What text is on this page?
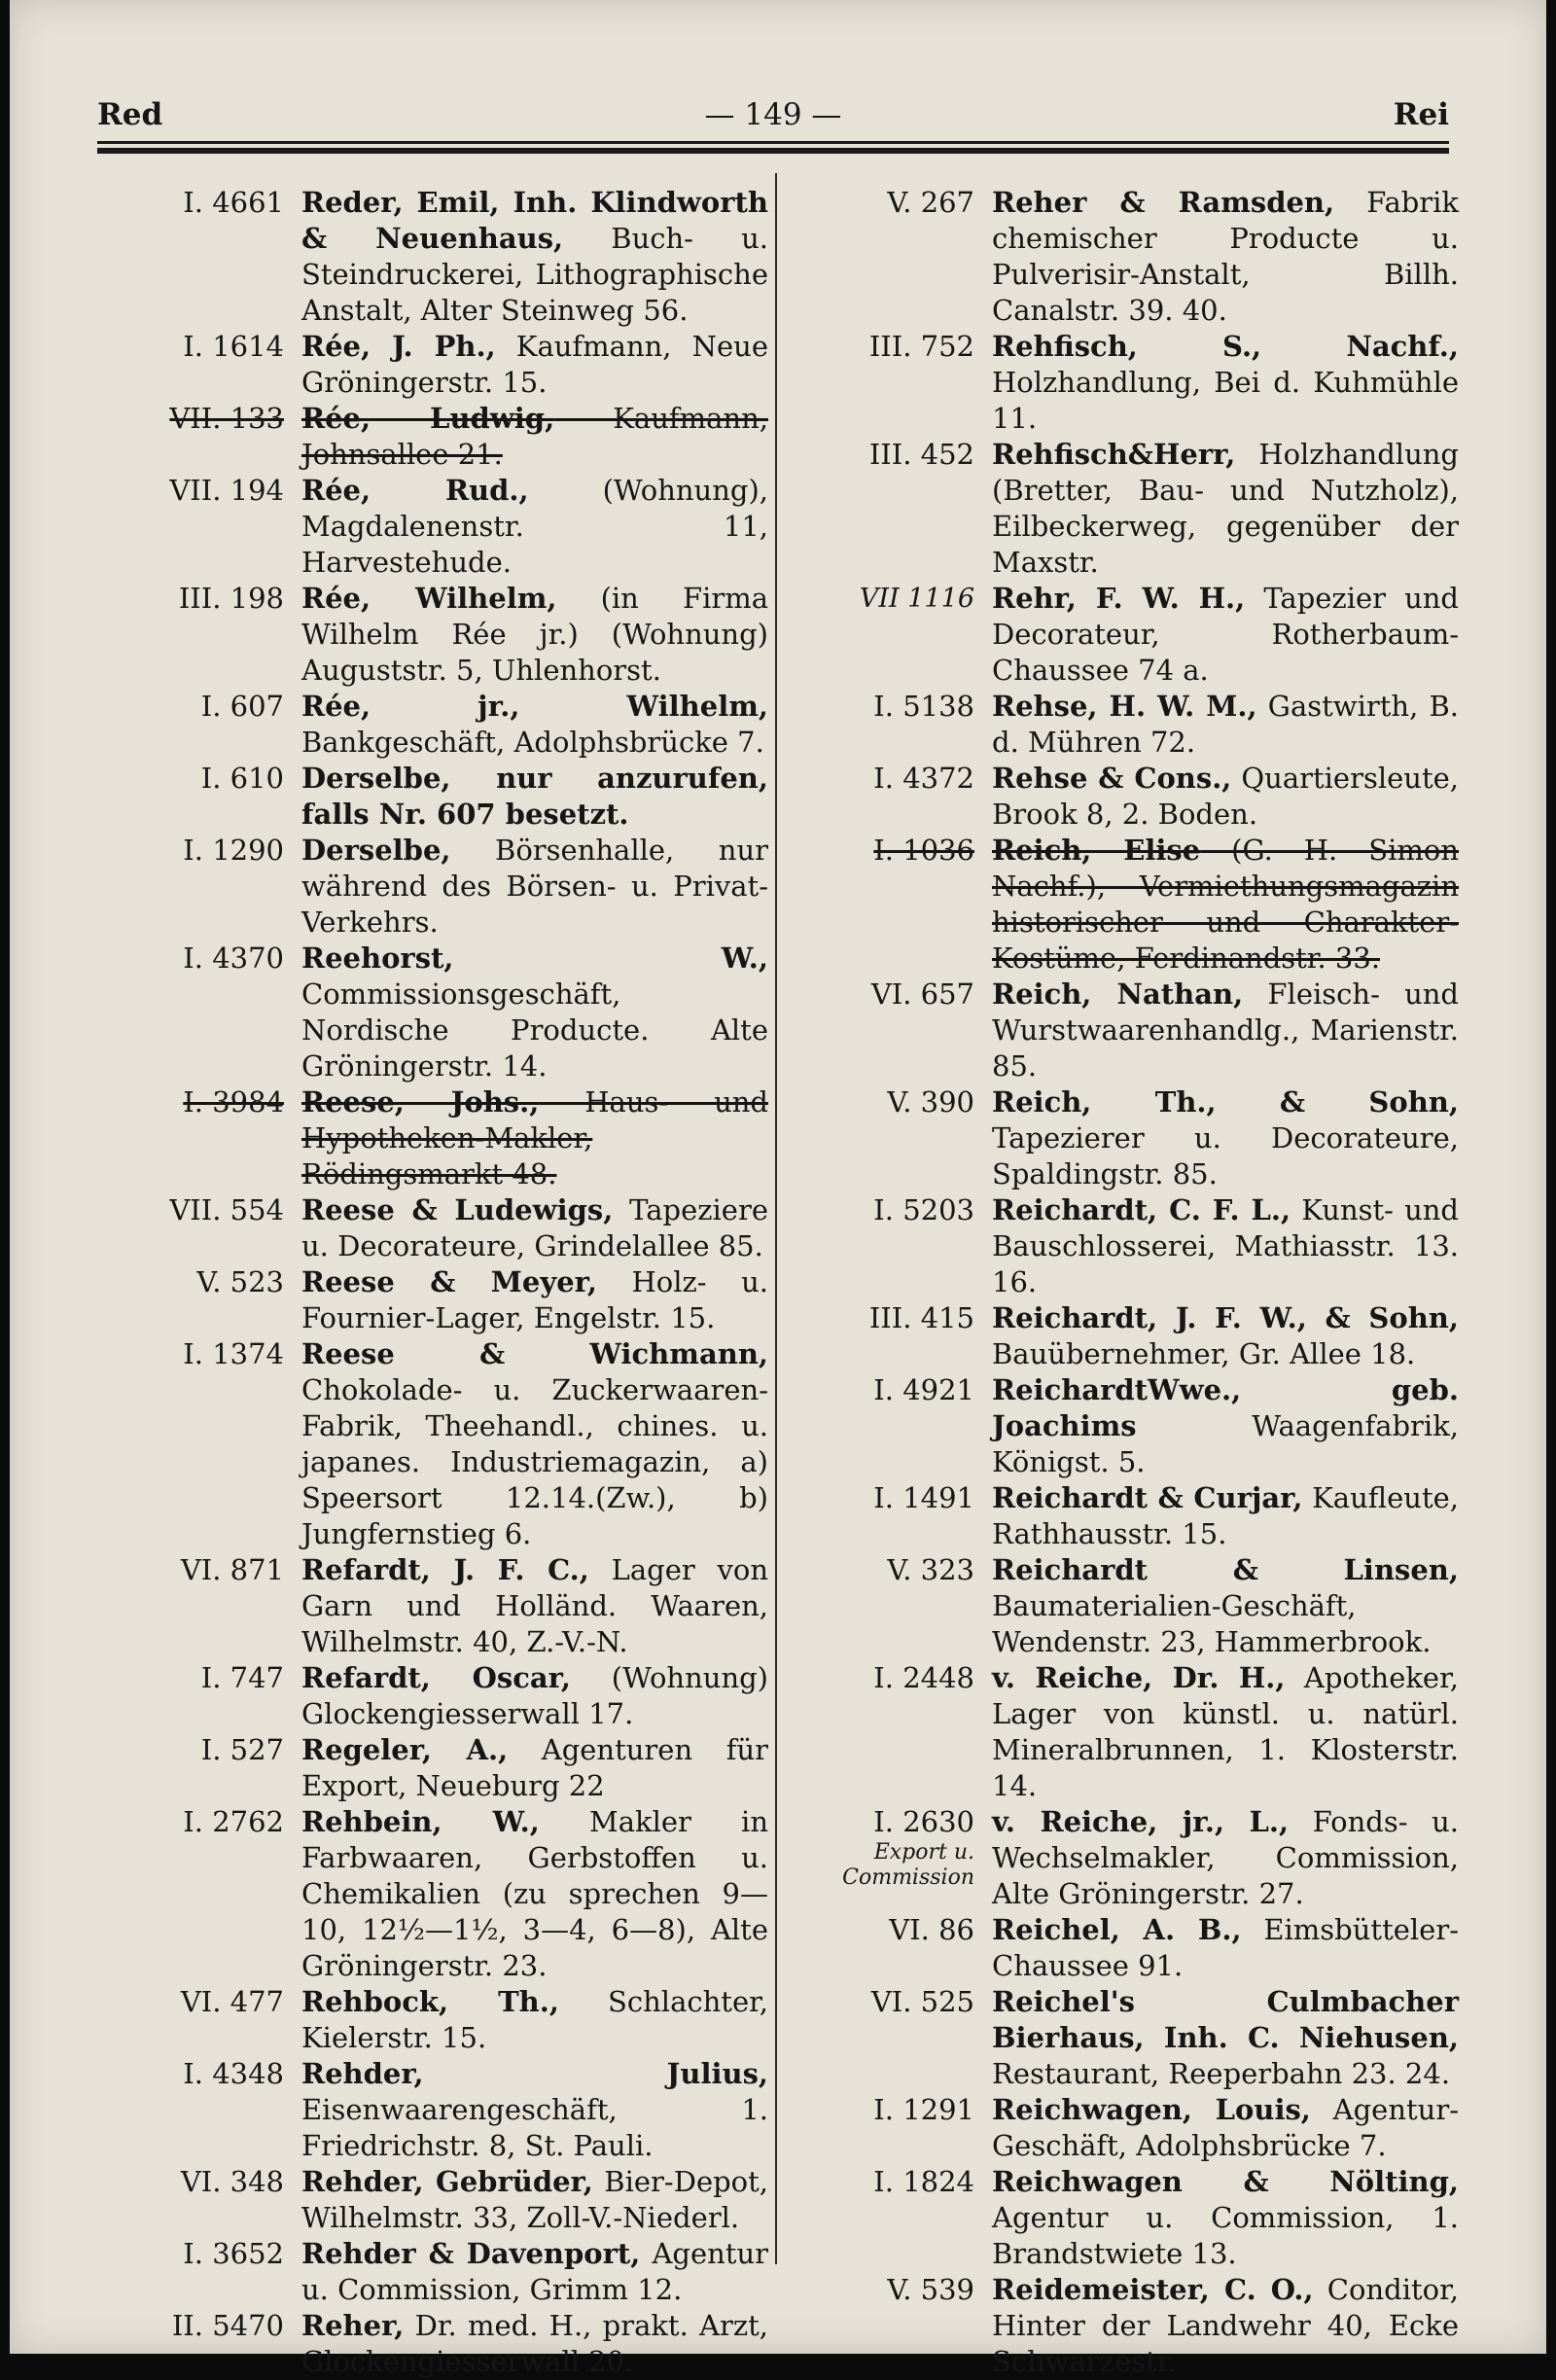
Red	— 149 —	Rei
I. 4661 Reder, Emil, Inh. Klindworth & Neuenhaus, Buch- u. Steindruckerei, Lithographische Anstalt, Alter Steinweg 56.
I. 1614 Rée, J. Ph., Kaufmann, Neue Gröningerstr. 15.
VII. 133 Rée, Ludwig, Kaufmann, Johnsallee 21.
VII. 194 Rée, Rud., (Wohnung), Magdalenenstr. 11, Harvestehude.
III. 198 Rée, Wilhelm, (in Firma Wilhelm Rée jr.) (Wohnung) Auguststr. 5, Uhlenhorst.
I. 607 Rée, jr., Wilhelm, Bankgeschäft, Adolphsbrücke 7.
I. 610 Derselbe, nur anzurufen, falls Nr. 607 besetzt.
I. 1290 Derselbe, Börsenhalle, nur während des Börsen- u. Privat-Verkehrs.
I. 4370 Reehorst, W., Commissionsgeschäft, Nordische Producte. Alte Gröningerstr. 14.
I. 3984 Reese, Johs., Haus- und Hypotheken-Makler, Rödingsmarkt 48.
VII. 554 Reese & Ludewigs, Tapeziere u. Decorateure, Grindelallee 85.
V. 523 Reese & Meyer, Holz- u. Fournier-Lager, Engelstr. 15.
I. 1374 Reese & Wichmann, Chokolade- u. Zuckerwaaren-Fabrik, Theehandl., chines. u. japanes. Industriemagazin, a) Speersort 12.14.(Zw.), b) Jungfernstieg 6.
VI. 871 Refardt, J. F. C., Lager von Garn und Holländ. Waaren, Wilhelmstr. 40, Z.-V.-N.
I. 747 Refardt, Oscar, (Wohnung) Glockengiesserwall 17.
I. 527 Regeler, A., Agenturen für Export, Neueburg 22
I. 2762 Rehbein, W., Makler in Farbwaaren, Gerbstoffen u. Chemikalien (zu sprechen 9—10, 12½—1½, 3—4, 6—8), Alte Gröningerstr. 23.
VI. 477 Rehbock, Th., Schlachter, Kielerstr. 15.
I. 4348 Rehder, Julius, Eisenwaarengeschäft, 1. Friedrichstr. 8, St. Pauli.
VI. 348 Rehder, Gebrüder, Bier-Depot, Wilhelmstr. 33, Zoll-V.-Niederl.
I. 3652 Rehder & Davenport, Agentur u. Commission, Grimm 12.
II. 5470 Reher, Dr. med. H., prakt. Arzt, Glockengiesserwall 20.
V. 267 Reher & Ramsden, Fabrik chemischer Producte u. Pulverisir-Anstalt, Billh. Canalstr. 39. 40.
III. 752 Rehfisch, S., Nachf., Holzhandlung, Bei d. Kuhmühle 11.
III. 452 Rehfisch&Herr, Holzhandlung (Bretter, Bau- und Nutzholz), Eilbeckerweg, gegenüber der Maxstr.
VII 1116 Rehr, F. W. H., Tapezier und Decorateur, Rotherbaum-Chaussee 74 a.
I. 5138 Rehse, H. W. M., Gastwirth, B. d. Mühren 72.
I. 4372 Rehse & Cons., Quartiersleute, Brook 8, 2. Boden.
I. 1036 Reich, Elise (G. H. Simon Nachf.), Vermiethungsmagazin historischer und Charakter-Kostüme, Ferdinandstr. 33.
VI. 657 Reich, Nathan, Fleisch- und Wurstwaarenhandlg., Marienstr. 85.
V. 390 Reich, Th., & Sohn, Tapezierer u. Decorateure, Spaldingstr. 85.
I. 5203 Reichardt, C. F. L., Kunst- und Bauschlosserei, Mathiasstr. 13. 16.
III. 415 Reichardt, J. F. W., & Sohn, Bauübernehmer, Gr. Allee 18.
I. 4921 ReichardtWwe., geb. Joachims Waagenfabrik, Königst. 5.
I. 1491 Reichardt & Curjar, Kaufleute, Rathhausstr. 15.
V. 323 Reichardt & Linsen, Baumaterialien-Geschäft, Wendenstr. 23, Hammerbrook.
I. 2448 v. Reiche, Dr. H., Apotheker, Lager von künstl. u. natürl. Mineralbrunnen, 1. Klosterstr. 14.
I. 2630

Export u. Commission
v. Reiche, jr., L., Fonds- u. Wechselmakler, Commission, Alte Gröningerstr. 27.
VI. 86 Reichel, A. B., Eimsbütteler-Chaussee 91.
VI. 525 Reichel's Culmbacher Bierhaus, Inh. C. Niehusen, Restaurant, Reeperbahn 23. 24.
I. 1291 Reichwagen, Louis, Agentur-Geschäft, Adolphsbrücke 7.
I. 1824 Reichwagen & Nölting, Agentur u. Commission, 1. Brandstwiete 13.
V. 539 Reidemeister, C. O., Conditor, Hinter der Landwehr 40, Ecke Schwarzestr.
